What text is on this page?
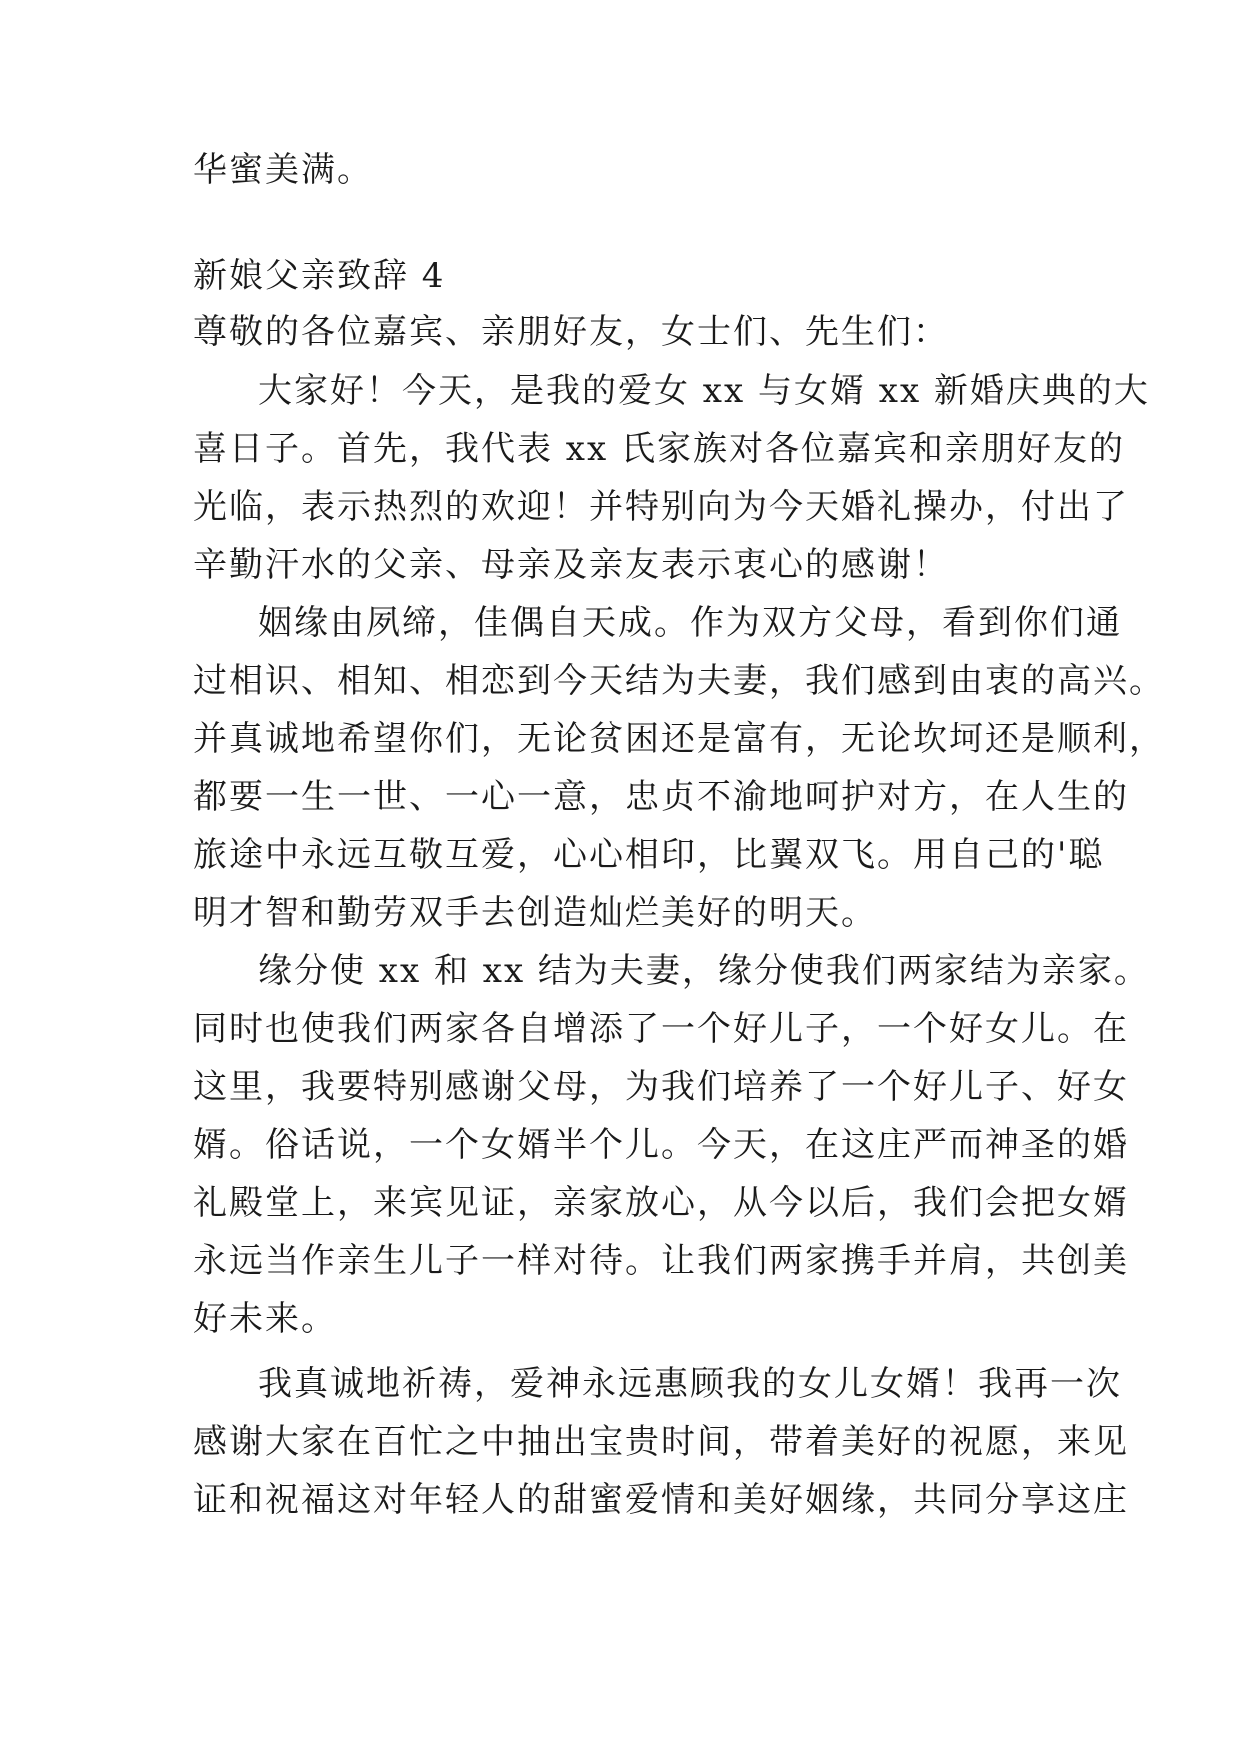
华蜜美满。
新娘父亲致辞 4
尊敬的各位嘉宾、亲朋好友，女士们、先生们：
大家好！今天，是我的爱女 xx 与女婿 xx 新婚庆典的大
喜日子。首先，我代表 xx 氏家族对各位嘉宾和亲朋好友的
光临，表示热烈的欢迎！并特别向为今天婚礼操办，付出了
辛勤汗水的父亲、母亲及亲友表示衷心的感谢！
姻缘由夙缔，佳偶自天成。作为双方父母，看到你们通
过相识、相知、相恋到今天结为夫妻，我们感到由衷的高兴。
并真诚地希望你们，无论贫困还是富有，无论坎坷还是顺利，
都要一生一世、一心一意，忠贞不渝地呵护对方，在人生的
旅途中永远互敬互爱，心心相印，比翼双飞。用自己的'聪
明才智和勤劳双手去创造灿烂美好的明天。
缘分使 xx 和 xx 结为夫妻，缘分使我们两家结为亲家。
同时也使我们两家各自增添了一个好儿子，一个好女儿。在
这里，我要特别感谢父母，为我们培养了一个好儿子、好女
婿。俗话说，一个女婿半个儿。今天，在这庄严而神圣的婚
礼殿堂上，来宾见证，亲家放心，从今以后，我们会把女婿
永远当作亲生儿子一样对待。让我们两家携手并肩，共创美
好未来。
我真诚地祈祷，爱神永远惠顾我的女儿女婿！我再一次
感谢大家在百忙之中抽出宝贵时间，带着美好的祝愿，来见
证和祝福这对年轻人的甜蜜爱情和美好姻缘，共同分享这庄
